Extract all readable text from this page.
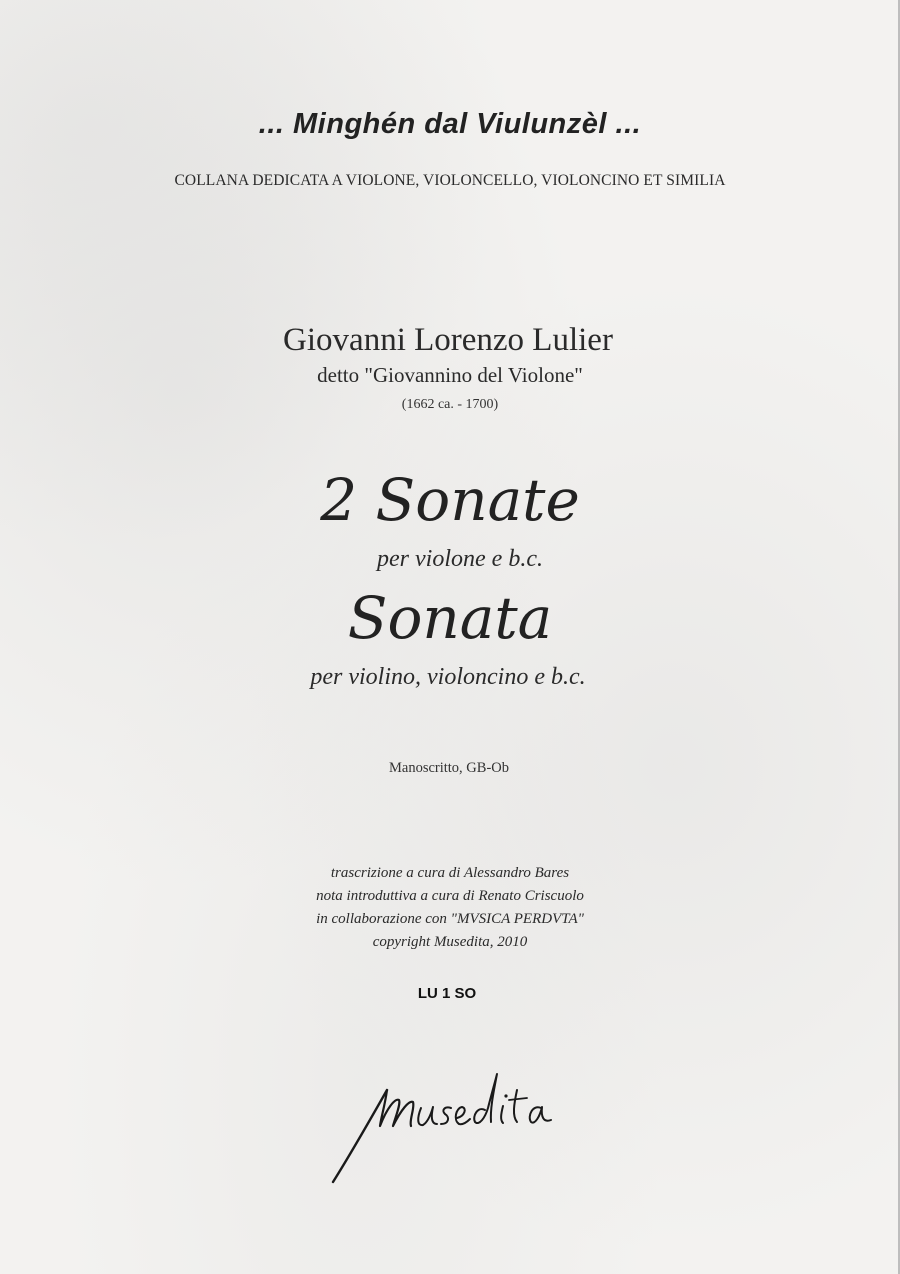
... Minghén dal Viulunzèl ...
COLLANA DEDICATA A VIOLONE, VIOLONCELLO, VIOLONCINO ET SIMILIA
Giovanni Lorenzo Lulier
detto "Giovannino del Violone"
(1662 ca. - 1700)
2 Sonate
per violone e b.c.
Sonata
per violino, violoncino e b.c.
Manoscritto, GB-Ob
trascrizione a cura di Alessandro Bares
nota introduttiva a cura di Renato Criscuolo
in collaborazione con "MVSICA PERDVTA"
copyright Musedita, 2010
LU 1 SO
